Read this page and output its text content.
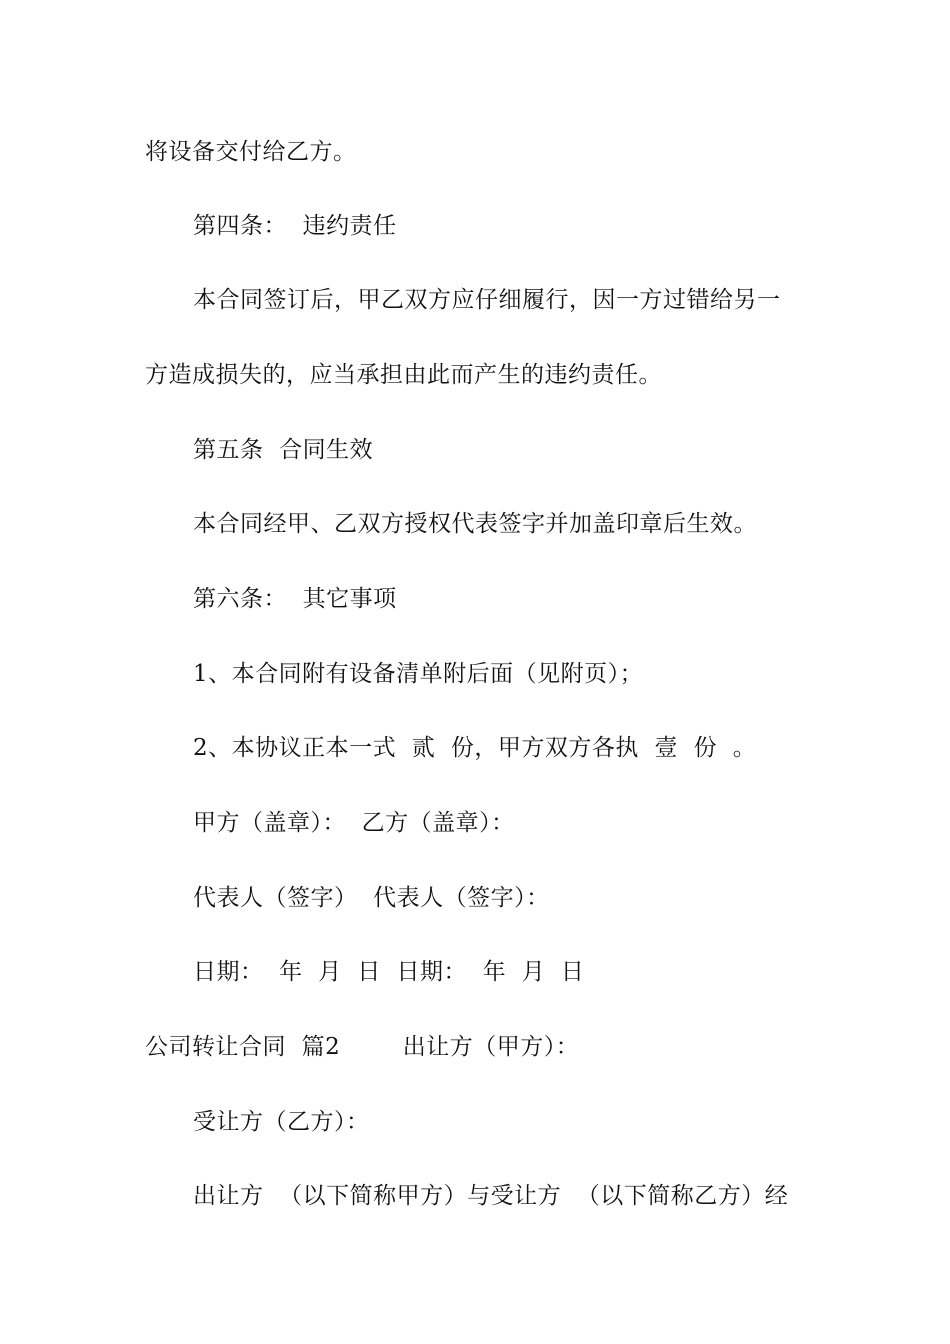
将设备交付给乙方。
第四条：  违约责任
本合同签订后，甲乙双方应仔细履行，因一方过错给另一
方造成损失的，应当承担由此而产生的违约责任。
第五条  合同生效
本合同经甲、乙双方授权代表签字并加盖印章后生效。
第六条：  其它事项
1、本合同附有设备清单附后面（见附页）；
2、本协议正本一式  贰  份，甲方双方各执  壹  份  。
甲方（盖章）：  乙方（盖章）：
代表人（签字）  代表人（签字）：
日期：  年  月  日  日期：  年  月  日
公司转让合同  篇2        出让方（甲方）：
受让方（乙方）：
出让方  （以下简称甲方）与受让方  （以下简称乙方）经
